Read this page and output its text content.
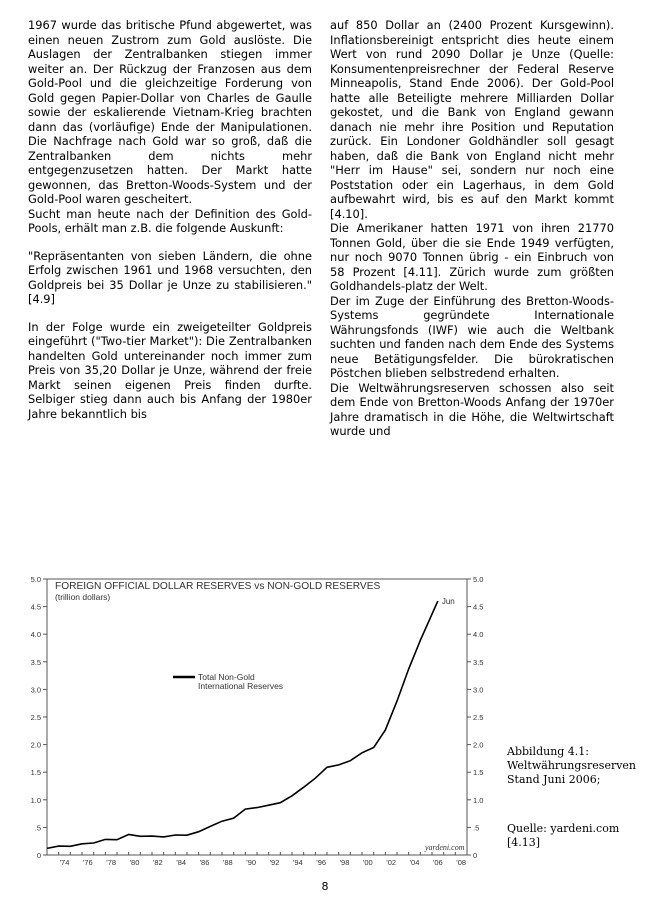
1967 wurde das britische Pfund abgewertet, was einen neuen Zustrom zum Gold auslöste. Die Auslagen der Zentralbanken stiegen immer weiter an. Der Rückzug der Franzosen aus dem Gold-Pool und die gleichzeitige Forderung von Gold gegen Papier-Dollar von Charles de Gaulle sowie der eskalierende Vietnam-Krieg brachten dann das (vorläufige) Ende der Manipulationen. Die Nachfrage nach Gold war so groß, daß die Zentralbanken dem nichts mehr entgegenzusetzen hatten. Der Markt hatte gewonnen, das Bretton-Woods-System und der Gold-Pool waren gescheitert.

Sucht man heute nach der Definition des Gold-Pools, erhält man z.B. die folgende Auskunft:

"Repräsentanten von sieben Ländern, die ohne Erfolg zwischen 1961 und 1968 versuchten, den Goldpreis bei 35 Dollar je Unze zu stabilisieren." [4.9]

In der Folge wurde ein zweigeteilter Goldpreis eingeführt ("Two-tier Market"): Die Zentralbanken handelten Gold untereinander noch immer zum Preis von 35,20 Dollar je Unze, während der freie Markt seinen eigenen Preis finden durfte. Selbiger stieg dann auch bis Anfang der 1980er Jahre bekanntlich bis

auf 850 Dollar an (2400 Prozent Kursgewinn). Inflationsbereinigt entspricht dies heute einem Wert von rund 2090 Dollar je Unze (Quelle: Konsumentenpreisrechner der Federal Reserve Minneapolis, Stand Ende 2006). Der Gold-Pool hatte alle Beteiligte mehrere Milliarden Dollar gekostet, und die Bank von England gewann danach nie mehr ihre Position und Reputation zurück. Ein Londoner Goldhändler soll gesagt haben, daß die Bank von England nicht mehr "Herr im Hause" sei, sondern nur noch eine Poststation oder ein Lagerhaus, in dem Gold aufbewahrt wird, bis es auf den Markt kommt [4.10].

Die Amerikaner hatten 1971 von ihren 21770 Tonnen Gold, über die sie Ende 1949 verfügten, nur noch 9070 Tonnen übrig - ein Einbruch von 58 Prozent [4.11]. Zürich wurde zum größten Goldhandels-platz der Welt.

Der im Zuge der Einführung des Bretton-Woods-Systems gegründete Internationale Währungsfonds (IWF) wie auch die Weltbank suchten und fanden nach dem Ende des Systems neue Betätigungsfelder. Die bürokratischen Pöstchen blieben selbstredend erhalten.

Die Weltwährungsreserven schossen also seit dem Ende von Bretton-Woods Anfang der 1970er Jahre dramatisch in die Höhe, die Weltwirtschaft wurde und

0
.5
1.0
1.5
2.0
2.5
3.0
3.5
4.0
4.5
5.0
0
.5
1.0
1.5
2.0
2.5
3.0
3.5
4.0
4.5
5.0
'74 '76 '78 '80 '82 '84 '86 '88 '90 '92 '94 '96 '98 '00 '02 '04 '06 '08
FOREIGN OFFICIAL DOLLAR RESERVES vs NON-GOLD RESERVES
(trillion dollars)
Total Non-Gold
International Reserves
Jun
yardeni.com

Abbildung 4.1: Weltwährungsreserven Stand Juni 2006;

Quelle: yardeni.com [4.13]

8
